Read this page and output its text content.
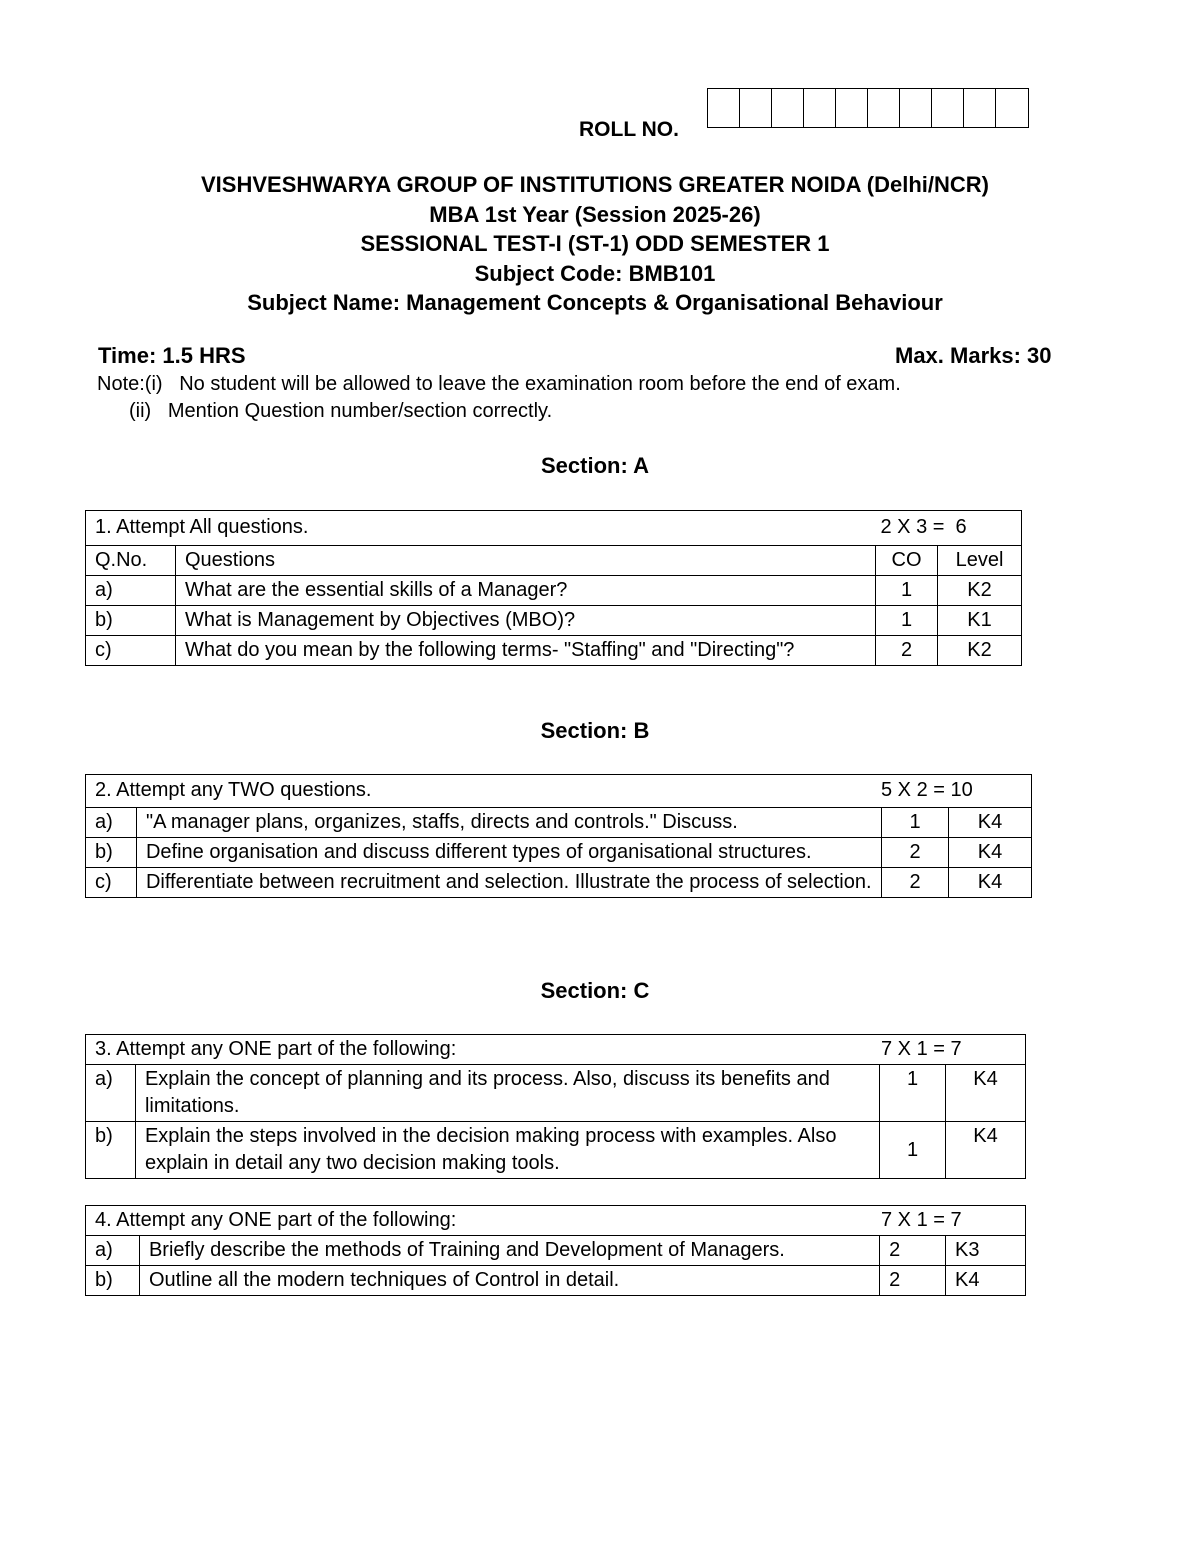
ROLL NO.
VISHVESHWARYA GROUP OF INSTITUTIONS GREATER NOIDA (Delhi/NCR)
MBA 1st Year (Session 2025-26)
SESSIONAL TEST-I (ST-1) ODD SEMESTER 1
Subject Code: BMB101
Subject Name: Management Concepts & Organisational Behaviour
Time: 1.5 HRS	Max. Marks: 30
Note:(i)   No student will be allowed to leave the examination room before the end of exam.
(ii)   Mention Question number/section correctly.
Section: A
1. Attempt All questions. 2 X 3 =  6			

Q.No.	Questions	CO	Level
a)	What are the essential skills of a Manager?	1	K2
b)	What is Management by Objectives (MBO)?	1	K1
c)	What do you mean by the following terms- "Staffing" and "Directing"?	2	K2
Section: B
2. Attempt any TWO questions. 5 X 2 = 10			

a)	"A manager plans, organizes, staffs, directs and controls." Discuss.	1	K4
b)	Define organisation and discuss different types of organisational structures.	2	K4
c)	Differentiate between recruitment and selection. Illustrate the process of selection.	2	K4
Section: C
3. Attempt any ONE part of the following: 7 X 1 = 7			

a)	Explain the concept of planning and its process. Also, discuss its benefits and limitations.	1	K4
b)	Explain the steps involved in the decision making process with examples. Also explain in detail any two decision making tools.	1	K4
4. Attempt any ONE part of the following: 7 X 1 = 7			

a)	Briefly describe the methods of Training and Development of Managers.	2	K3
b)	Outline all the modern techniques of Control in detail.	2	K4
